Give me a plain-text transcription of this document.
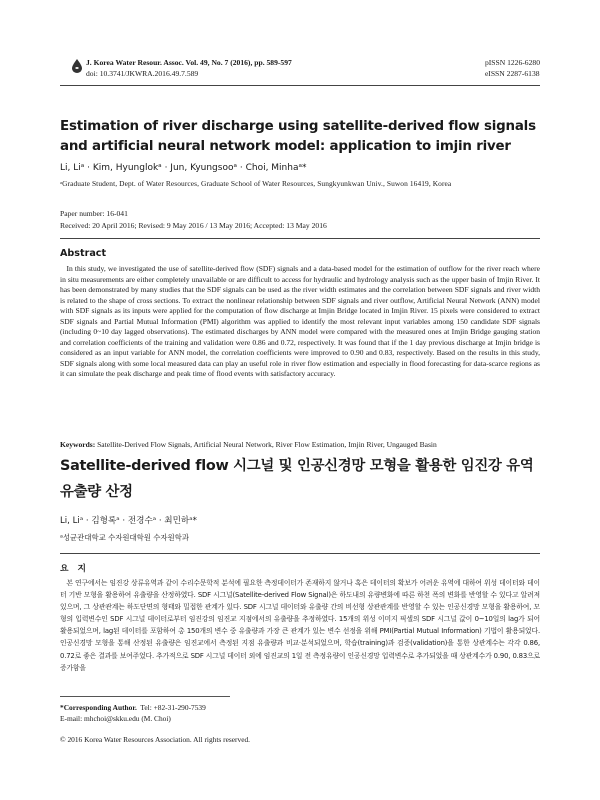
J. Korea Water Resour. Assoc. Vol. 49, No. 7 (2016), pp. 589-597
doi: 10.3741/JKWRA.2016.49.7.589
pISSN 1226-6280
eISSN 2287-6138
Estimation of river discharge using satellite-derived flow signals and artificial neural network model: application to imjin river
Li, Liᵃ · Kim, Hyunglokᵃ · Jun, Kyungsooᵃ · Choi, Minhaᵃ*
ᵃGraduate Student, Dept. of Water Resources, Graduate School of Water Resources, Sungkyunkwan Univ., Suwon 16419, Korea
Paper number: 16-041
Received: 20 April 2016; Revised: 9 May 2016 / 13 May 2016; Accepted: 13 May 2016
Abstract

In this study, we investigated the use of satellite-derived flow (SDF) signals and a data-based model for the estimation of outflow for the river reach where in situ measurements are either completely unavailable or are difficult to access for hydraulic and hydrology analysis such as the upper basin of Imjin River. It has been demonstrated by many studies that the SDF signals can be used as the river width estimates and the correlation between SDF signals and river width is related to the shape of cross sections. To extract the nonlinear relationship between SDF signals and river outflow, Artificial Neural Network (ANN) model with SDF signals as its inputs were applied for the computation of flow discharge at Imjin Bridge located in Imjin River. 15 pixels were considered to extract SDF signals and Partial Mutual Information (PMI) algorithm was applied to identify the most relevant input variables among 150 candidate SDF signals (including 0~10 day lagged observations). The estimated discharges by ANN model were compared with the measured ones at Imjin Bridge gauging station and correlation coefficients of the training and validation were 0.86 and 0.72, respectively. It was found that if the 1 day previous discharge at Imjin bridge is considered as an input variable for ANN model, the correlation coefficients were improved to 0.90 and 0.83, respectively. Based on the results in this study, SDF signals along with some local measured data can play an useful role in river flow estimation and especially in flood forecasting for data-scarce regions as it can simulate the peak discharge and peak time of flood events with satisfactory accuracy.

Keywords: Satellite-Derived Flow Signals, Artificial Neural Network, River Flow Estimation, Imjin River, Ungauged Basin
Satellite-derived flow 시그널 및 인공신경망 모형을 활용한 임진강 유역 유출량 산정
Li, Liᵃ · 김형록ᵃ · 전경수ᵃ · 최민하ᵃ*
ᵃ성균관대학교 수자원대학원 수자원학과
요 지

본 연구에서는 임진강 상류유역과 같이 수리수문학적 분석에 필요한 측정데이터가 존재하지 않거나 혹은 데이터의 확보가 어려운 유역에 대하여 위성 데이터와 데이터 기반 모형을 활용하여 유출량을 산정하였다. SDF 시그널(Satellite-derived Flow Signal)은 하도내의 유량변화에 따른 하천 폭의 변화를 반영할 수 있다고 알려져 있으며, 그 상관관계는 하도단면의 형태와 밀접한 관계가 있다. SDF 시그널 데이터와 유출량 간의 비선형 상관관계를 반영할 수 있는 인공신경망 모형을 활용하여, 모형의 입력변수인 SDF 시그널 데이터로부터 임진강의 임진교 지점에서의 유출량을 추정하였다. 15개의 위성 이미지 픽셀의 SDF 시그널 값이 0~10일의 lag가 되어 활용되었으며, lag된 데이터를 포함하여 총 150개의 변수 중 유출량과 가장 큰 관계가 있는 변수 선정을 위해 PMI(Partial Mutual Information) 기법이 활용되었다. 인공신경망 모형을 통해 산정된 유출량은 임진교에서 측정된 지점 유출량과 비교·분석되었으며, 학습(training)과 검증(validation)을 통한 상관계수는 각각 0.86, 0.72로 좋은 결과를 보여주었다. 추가적으로 SDF 시그널 데이터 외에 임진교의 1일 전 측정유량이 인공신경망 입력변수로 추가되었을 때 상관계수가 0.90, 0.83으로 증가함을

*Corresponding Author. Tel: +82-31-290-7539
E-mail: mhchoi@skku.edu (M. Choi)
© 2016 Korea Water Resources Association. All rights reserved.
